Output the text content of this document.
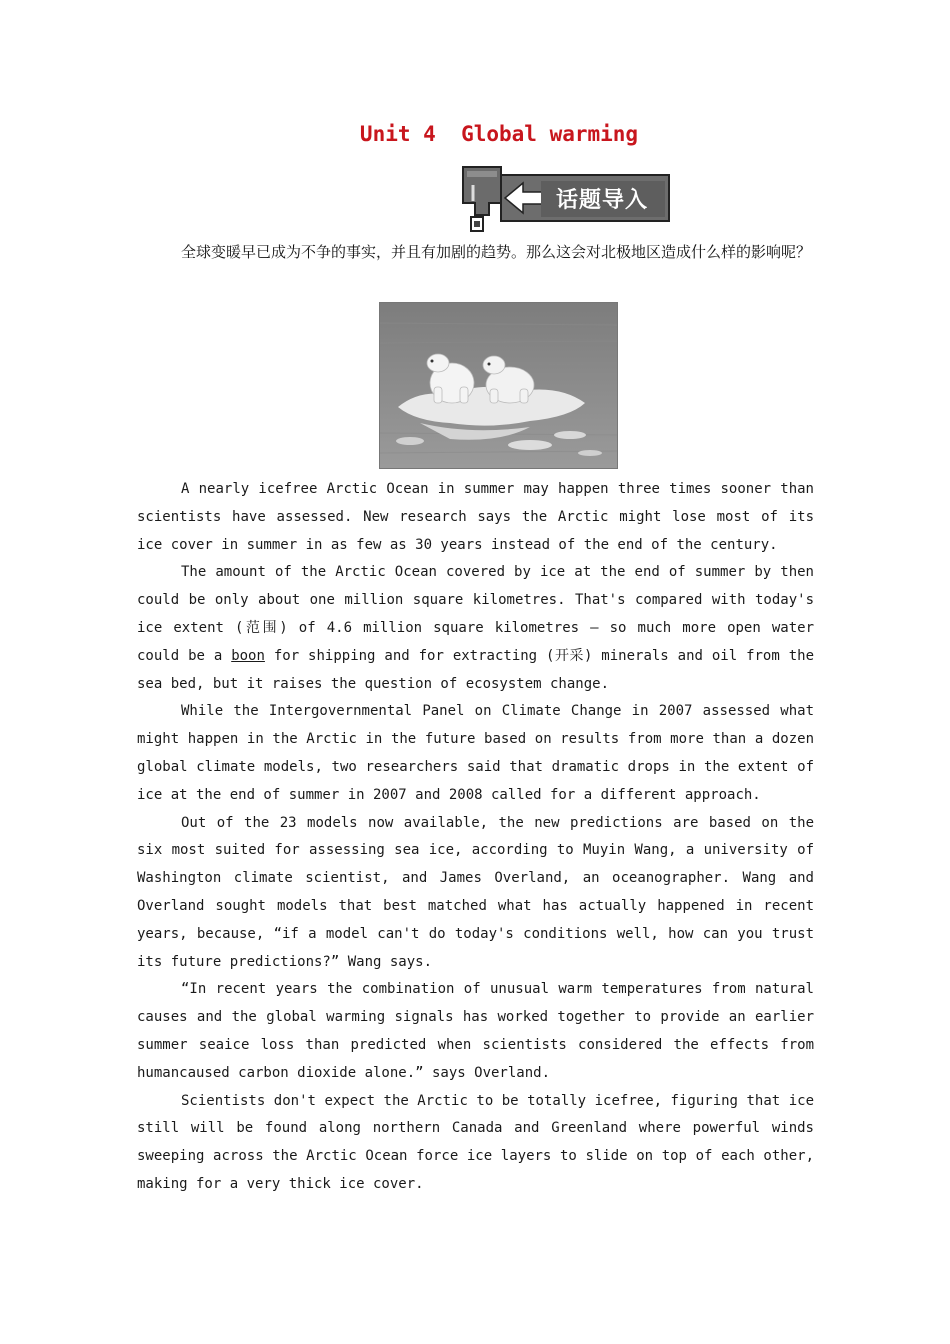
Unit 4  Global warming
话题导入

全球变暖早已成为不争的事实，并且有加剧的趋势。那么这会对北极地区造成什么样的影响呢？

A nearly icefree Arctic Ocean in summer may happen three times sooner than scientists have assessed. New research says the Arctic might lose most of its ice cover in summer in as few as 30 years instead of the end of the century.

The amount of the Arctic Ocean covered by ice at the end of summer by then could be only about one million square kilometres. That's compared with today's ice extent (范围) of 4.6 million square kilometres — so much more open water could be a boon for shipping and for extracting (开采) minerals and oil from the sea bed, but it raises the question of ecosystem change.

While the Intergovernmental Panel on Climate Change in 2007 assessed what might happen in the Arctic in the future based on results from more than a dozen global climate models, two researchers said that dramatic drops in the extent of ice at the end of summer in 2007 and 2008 called for a different approach.

Out of the 23 models now available, the new predictions are based on the six most suited for assessing sea ice, according to Muyin Wang, a university of Washington climate scientist, and James Overland, an oceanographer. Wang and Overland sought models that best matched what has actually happened in recent years, because, “if a model can't do today's conditions well, how can you trust its future predictions?” Wang says.

“In recent years the combination of unusual warm temperatures from natural causes and the global warming signals has worked together to provide an earlier summer seaice loss than predicted when scientists considered the effects from humancaused carbon dioxide alone.” says Overland.

Scientists don't expect the Arctic to be totally icefree, figuring that ice still will be found along northern Canada and Greenland where powerful winds sweeping across the Arctic Ocean force ice layers to slide on top of each other, making for a very thick ice cover.
